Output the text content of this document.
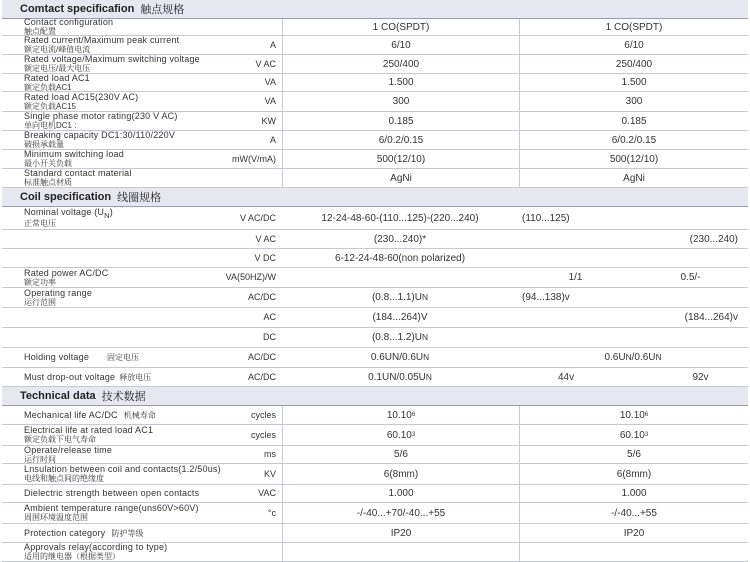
Comtact specificafion 触点规格
Contact configuration
触点配置	1 CO(SPDT)	1 CO(SPDT)
Rated current/Maximum peak current
额定电流/峰值电流	A	6/10	6/10
Rated voltage/Maximum switching voltage
额定电压/最大电压	V AC	250/400	250/400
Rated load AC1
额定负载AC1	VA	1.500	1.500
Rated load AC15(230V AC)
额定负载AC15	VA	300	300
Single phase motor rating(230 V AC)
单向电机DC1 :	KW	0.185	0.185
Breaking capacity DC1:30/110/220V
破损承载量	A	6/0.2/0.15	6/0.2/0.15
Minimum switching load
最小开关负载	mW(V/mA)	500(12/10)	500(12/10)
Standard contact material
标准触点材质	AgNi	AgNi
Coil specification 线圈规格
Nominal voltage $(U_N)$
正常电压
V AC/DC	12-24-48-60-(110...125)-(220...240)	(110...125)
V AC	(230...240)*	(230...240)
V DC	6-12-24-48-60(non polarized)
Rated power AC/DC
额定功率	VA(50HZ)/W	1/1	0.5/-
Operating range
运行范围	AC/DC	(0.8...1.1)U N	(94...138)v
AC	(184...264)V	(184...264)v
DC	(0.8...1.2)U N
Holding voltage 固定电压	AC/DC	0.6UN/0.6U N	0.6U N /0.6U N
Must drop-out voltage 释放电压	AC/DC	0.1UN/0.05U N	44v	92v
Technical data 技术数据
Mechanical life AC/DC 机械寿命	cycles	10.10 6	10.10 6
Electrical life at rated load AC1
额定负载下电气寿命	cycles	60.10 3	60.10 3
Operate/release time
运行时间	ms	5/6	5/6
Lnsulation between coil and contacts(1.2/50us)
电线和触点间的绝缘度	KV	6(8mm)	6(8mm)
Dielectric strength between open contacts	VAC	1.000	1.000
Ambient temperature range(uns60V>60V)
周围环境温度范围	°c	-/-40...+70/-40...+55	-/-40...+55
Protection category 防护等级	IP20	IP20
Approvals relay(according to type)
适用的继电器（根据类型）
